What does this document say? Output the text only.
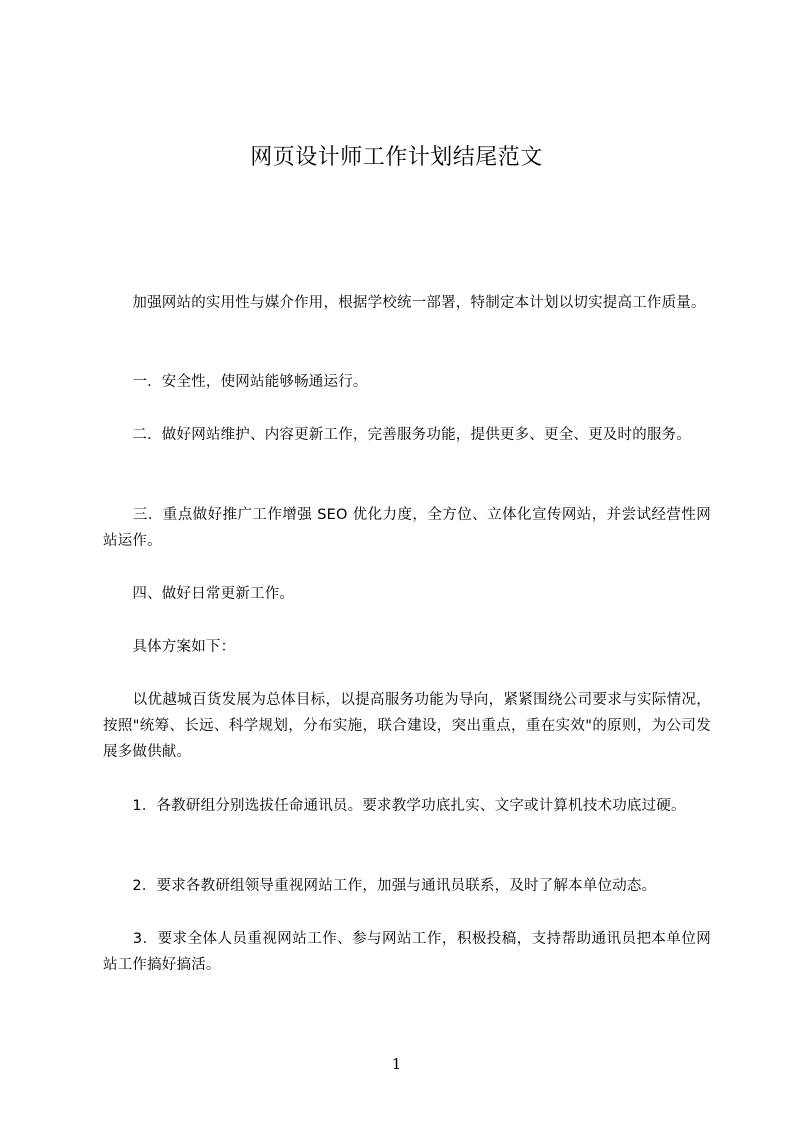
网页设计师工作计划结尾范文
　　加强网站的实用性与媒介作用，根据学校统一部署，特制定本计划以切实提高工作质量。
　　一．安全性，使网站能够畅通运行。
　　二．做好网站维护、内容更新工作，完善服务功能，提供更多、更全、更及时的服务。
　　三．重点做好推广工作增强 SEO 优化力度，全方位、立体化宣传网站，并尝试经营性网站运作。
　　四、做好日常更新工作。
　　具体方案如下：
　　以优越城百货发展为总体目标，以提高服务功能为导向，紧紧围绕公司要求与实际情况，按照"统筹、长远、科学规划，分布实施，联合建设，突出重点，重在实效"的原则，为公司发展多做供献。
　　1．各教研组分别选拔任命通讯员。要求教学功底扎实、文字或计算机技术功底过硬。
　　2．要求各教研组领导重视网站工作，加强与通讯员联系，及时了解本单位动态。
　　3．要求全体人员重视网站工作、参与网站工作，积极投稿，支持帮助通讯员把本单位网站工作搞好搞活。
1
